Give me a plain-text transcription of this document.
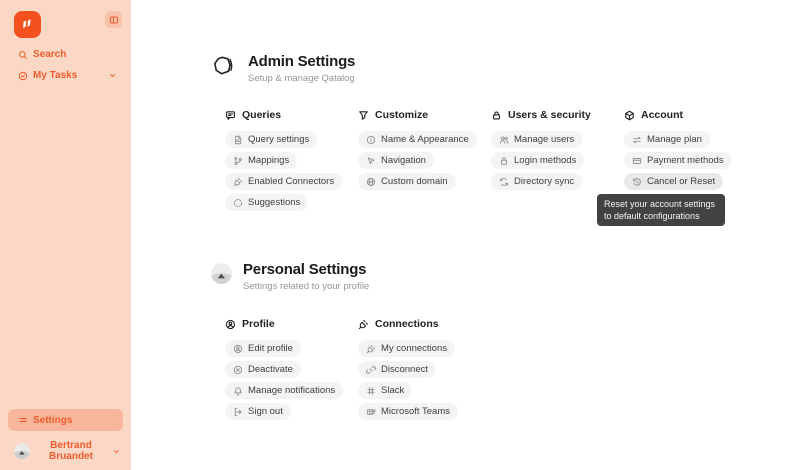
Search
My Tasks
Settings
Bertrand Bruandet
Admin Settings
Setup & manage Qatalog
Queries
Query settings
Mappings
Enabled Connectors
Suggestions
Customize
Name & Appearance
Navigation
Custom domain
Users & security
Manage users
Login methods
Directory sync
Account
Manage plan
Payment methods
Cancel or Reset
Reset your account settings to default configurations
Personal Settings
Settings related to your profile
Profile
Edit profile
Deactivate
Manage notifications
Sign out
Connections
My connections
Disconnect
Slack
Microsoft Teams
